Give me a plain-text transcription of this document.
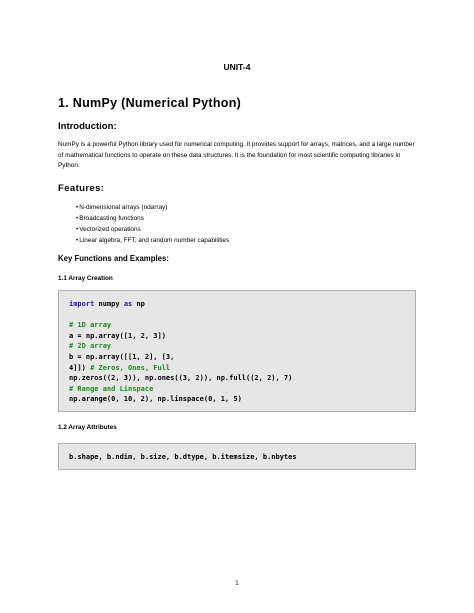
UNIT-4
1. NumPy (Numerical Python)
Introduction:
NumPy is a powerful Python library used for numerical computing. It provides support for arrays, matrices, and a large number of mathematical functions to operate on these data structures. It is the foundation for most scientific computing libraries in Python.
Features:
• N-dimensional arrays (ndarray)
• Broadcasting functions
• Vectorized operations
• Linear algebra, FFT, and random number capabilities
Key Functions and Examples:
1.1 Array Creation
import numpy as np

# 1D array
a = np.array([1, 2, 3])
# 2D array
b = np.array([[1, 2], [3,
4]]) # Zeros, Ones, Full
np.zeros((2, 3)), np.ones((3, 2)), np.full((2, 2), 7)
# Range and Linspace
np.arange(0, 10, 2), np.linspace(0, 1, 5)
1.2 Array Attributes
b.shape, b.ndim, b.size, b.dtype, b.itemsize, b.nbytes
1
